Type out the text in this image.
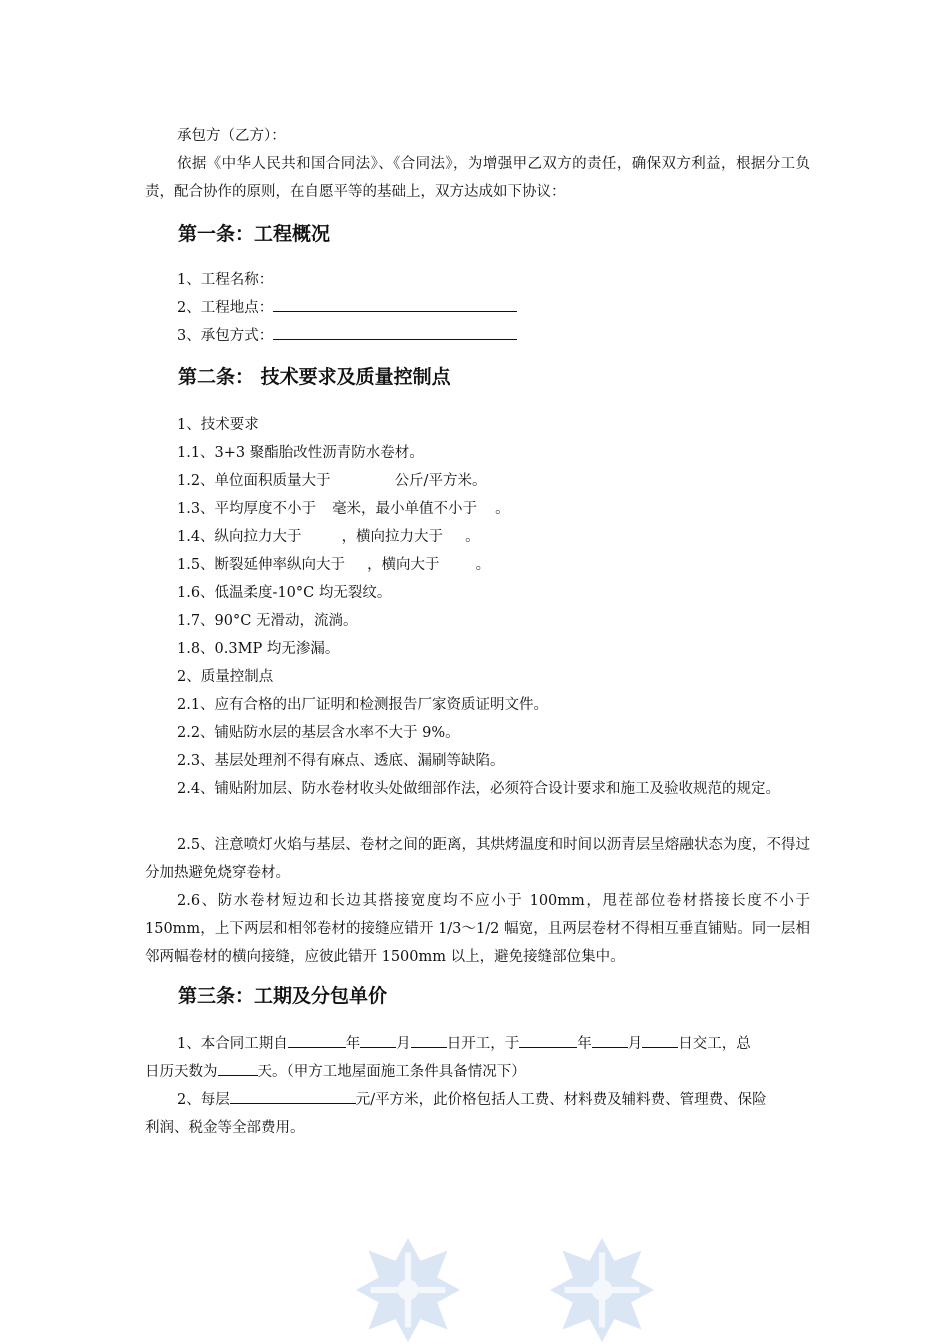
承包方（乙方）：

依据《中华人民共和国合同法》、《合同法》，为增强甲乙双方的责任，确保双方利益，根据分工负责，配合协作的原则，在自愿平等的基础上，双方达成如下协议：

第一条：工程概况

1、工程名称：

2、工程地点：

3、承包方式：

第二条： 技术要求及质量控制点

1、技术要求

1.1、3+3 聚酯胎改性沥青防水卷材。

1.2、单位面积质量大于	公斤/平方米。

1.3、平均厚度不小于 毫米，最小单值不小于 。

1.4、纵向拉力大于	，横向拉力大于 。

1.5、断裂延伸率纵向大于 ，横向大于 。

1.6、低温柔度-10°C 均无裂纹。

1.7、90°C 无滑动，流淌。

1.8、0.3MP 均无渗漏。

2、质量控制点

2.1、应有合格的出厂证明和检测报告厂家资质证明文件。

2.2、铺贴防水层的基层含水率不大于 9%。

2.3、基层处理剂不得有麻点、透底、漏刷等缺陷。

2.4、铺贴附加层、防水卷材收头处做细部作法，必须符合设计要求和施工及验收规范的规定。

2.5、注意喷灯火焰与基层、卷材之间的距离，其烘烤温度和时间以沥青层呈熔融状态为度，不得过分加热避免烧穿卷材。

2.6、防水卷材短边和长边其搭接宽度均不应小于 100mm，甩茬部位卷材搭接长度不小于 150mm，上下两层和相邻卷材的接缝应错开 1/3～1/2 幅宽，且两层卷材不得相互垂直铺贴。同一层相邻两幅卷材的横向接缝，应彼此错开 1500mm 以上，避免接缝部位集中。

第三条：工期及分包单价

1、本合同工期自	年 月 日开工，于	年 月 日交工，总

日历天数为	天。（甲方工地屋面施工条件具备情况下）

2、每层	元/平方米，此价格包括人工费、材料费及辅料费、管理费、保险

利润、税金等全部费用。
